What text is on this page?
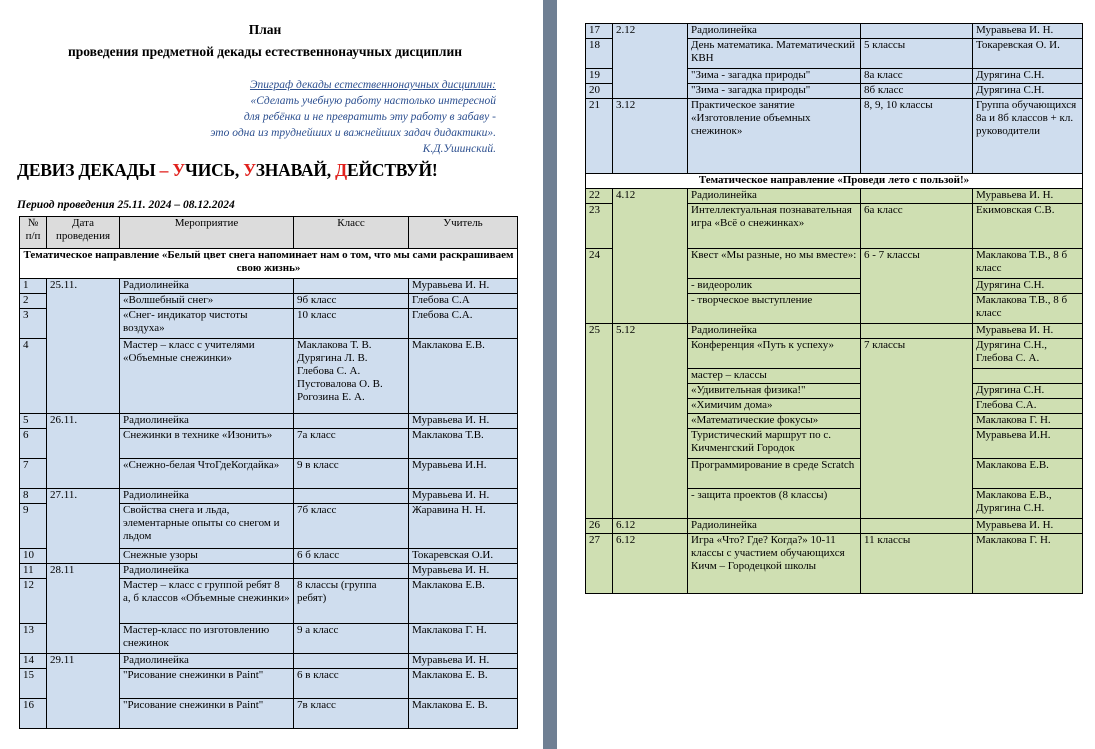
План
проведения предметной декады естественнонаучных дисциплин
Эпиграф декады естественнонаучных дисциплин:
«Сделать учебную работу настолько интересной
для ребёнка и не превратить эту работу в забаву -
это одна из труднейших и важнейших задач дидактики».
К.Д.Ушинский.
ДЕВИЗ ДЕКАДЫ – УЧИСЬ, УЗНАВАЙ, ДЕЙСТВУЙ!
Период проведения 25.11. 2024 – 08.12.2024
№ п/п	Дата проведения	Мероприятие	Класс	Учитель
Тематическое направление «Белый цвет снега напоминает нам о том, что мы сами раскрашиваем свою жизнь»				
1	25.11.	Радиолинейка		Муравьева И. Н.
2		«Волшебный снег»	9б класс	Глебова С.А
3		«Снег- индикатор чистоты воздуха»	10 класс	Глебова С.А.
4		Мастер – класс с учителями «Объемные снежинки»	Маклакова Т. В. Дурягина Л. В. Глебова С. А. Пустовалова О. В. Рогозина Е. А.	Маклакова Е.В.
5	26.11.	Радиолинейка		Муравьева И. Н.
6		Снежинки в технике «Изонить»	7а класс	Маклакова Т.В.
7		«Снежно-белая ЧтоГдеКогдайка»	9 в класс	Муравьева И.Н.
8	27.11.	Радиолинейка		Муравьева И. Н.
9		Свойства снега и льда, элементарные опыты со снегом и льдом	7б класс	Жаравина Н. Н.
10		Снежные узоры	6 б класс	Токаревская О.И.
11	28.11	Радиолинейка		Муравьева И. Н.
12		Мастер – класс с группой ребят 8 а, б классов «Объемные снежинки»	8 классы (группа ребят)	Маклакова Е.В.
13		Мастер-класс по изготовлению снежинок	9 а класс	Маклакова Г. Н.
14	29.11	Радиолинейка		Муравьева И. Н.
15		"Рисование снежинки в Paint"	6 в класс	Маклакова Е. В.
16		"Рисование снежинки в Paint"	7в класс	Маклакова Е. В.
17	2.12	Радиолинейка		Муравьева И. Н.
18		День математика. Математический КВН	5 классы	Токаревская О. И.
19		"Зима - загадка природы"	8а класс	Дурягина С.Н.
20		"Зима - загадка природы"	8б класс	Дурягина С.Н.
21	3.12	Практическое занятие «Изготовление объемных снежинок»	8, 9, 10 классы	Группа обучающихся 8а и 8б классов + кл. руководители
Тематическое направление «Проведи лето с пользой!»				
22	4.12	Радиолинейка		Муравьева И. Н.
23		Интеллектуальная познавательная игра «Всё о снежинках»	6а класс	Екимовская С.В.
24		Квест «Мы разные, но мы вместе»:	6 - 7 классы	Маклакова Т.В., 8 б класс
		- видеоролик		Дурягина С.Н.
		- творческое выступление		Маклакова Т.В., 8 б класс
25	5.12	Радиолинейка		Муравьева И. Н.
		Конференция «Путь к успеху»	7 классы	Дурягина С.Н., Глебова С. А.
		мастер – классы		
		«Удивительная физика!"		Дурягина С.Н.
		«Химичим дома»		Глебова С.А.
		«Математические фокусы»		Маклакова Г. Н.
		Туристический маршрут по с. Кичменгский Городок		Муравьева И.Н.
		Программирование в среде Scratch		Маклакова Е.В.
		- защита проектов (8 классы)		Маклакова Е.В., Дурягина С.Н.
26	6.12	Радиолинейка		Муравьева И. Н.
27	6.12	Игра «Что? Где? Когда?» 10-11 классы с участием обучающихся Кичм – Городецкой школы	11 классы	Маклакова Г. Н.
